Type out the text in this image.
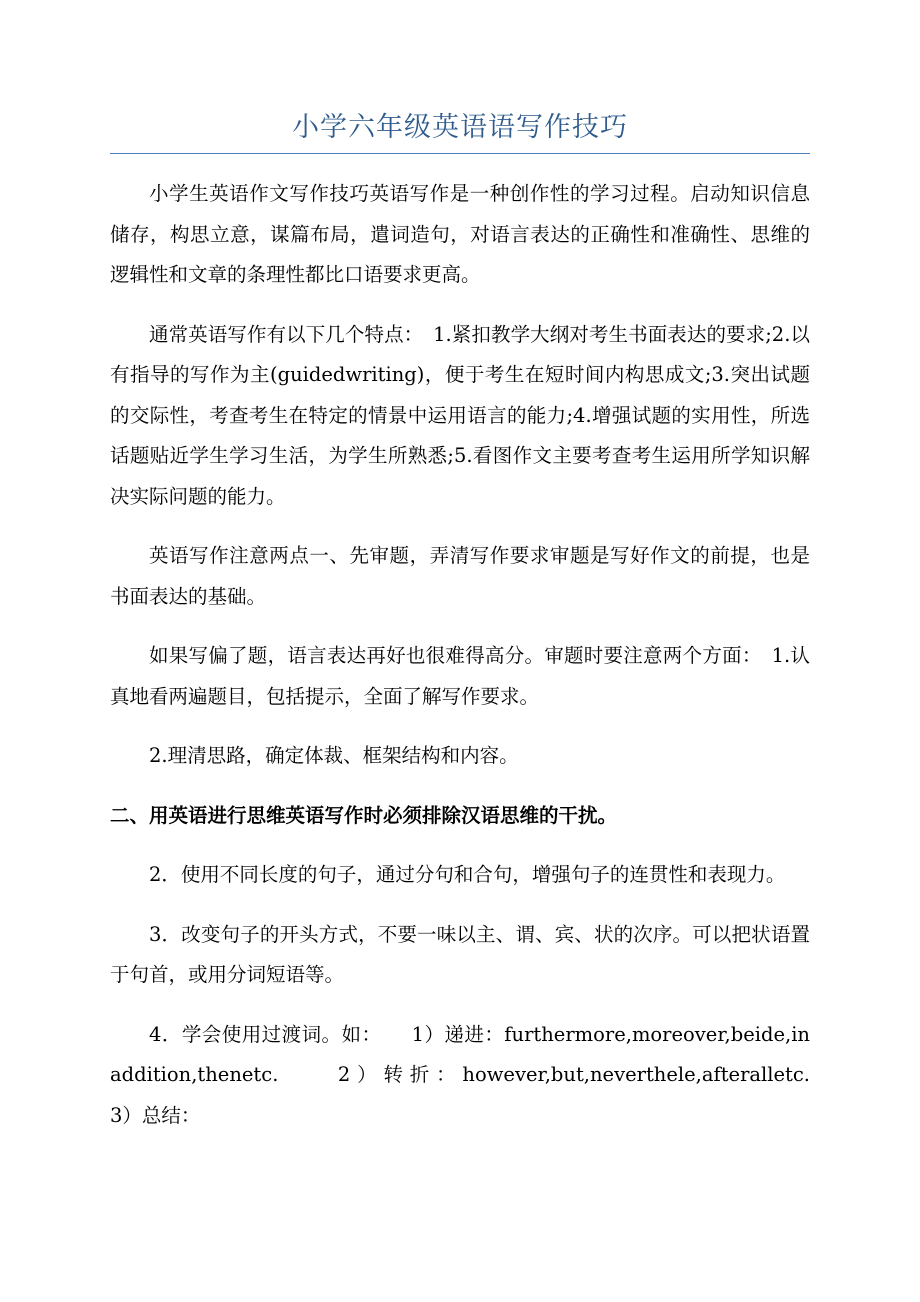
小学六年级英语语写作技巧

小学生英语作文写作技巧英语写作是一种创作性的学习过程。启动知识信息储存，构思立意，谋篇布局，遣词造句，对语言表达的正确性和准确性、思维的逻辑性和文章的条理性都比口语要求更高。

通常英语写作有以下几个特点：　1.紧扣教学大纲对考生书面表达的要求;2.以有指导的写作为主(guidedwriting)，便于考生在短时间内构思成文;3.突出试题的交际性，考查考生在特定的情景中运用语言的能力;4.增强试题的实用性，所选话题贴近学生学习生活，为学生所熟悉;5.看图作文主要考查考生运用所学知识解决实际问题的能力。

英语写作注意两点一、先审题，弄清写作要求审题是写好作文的前提，也是书面表达的基础。

如果写偏了题，语言表达再好也很难得高分。审题时要注意两个方面：　1.认真地看两遍题目，包括提示，全面了解写作要求。

2.理清思路，确定体裁、框架结构和内容。

二、用英语进行思维英语写作时必须排除汉语思维的干扰。

2．使用不同长度的句子，通过分句和合句，增强句子的连贯性和表现力。

3．改变句子的开头方式，不要一味以主、谓、宾、状的次序。可以把状语置于句首，或用分词短语等。

4．学会使用过渡词。如：　　1）递进：furthermore,moreover,beide,inaddition,thenetc.　　2）转折：however,but,neverthele,afteralletc.　　3）总结：
